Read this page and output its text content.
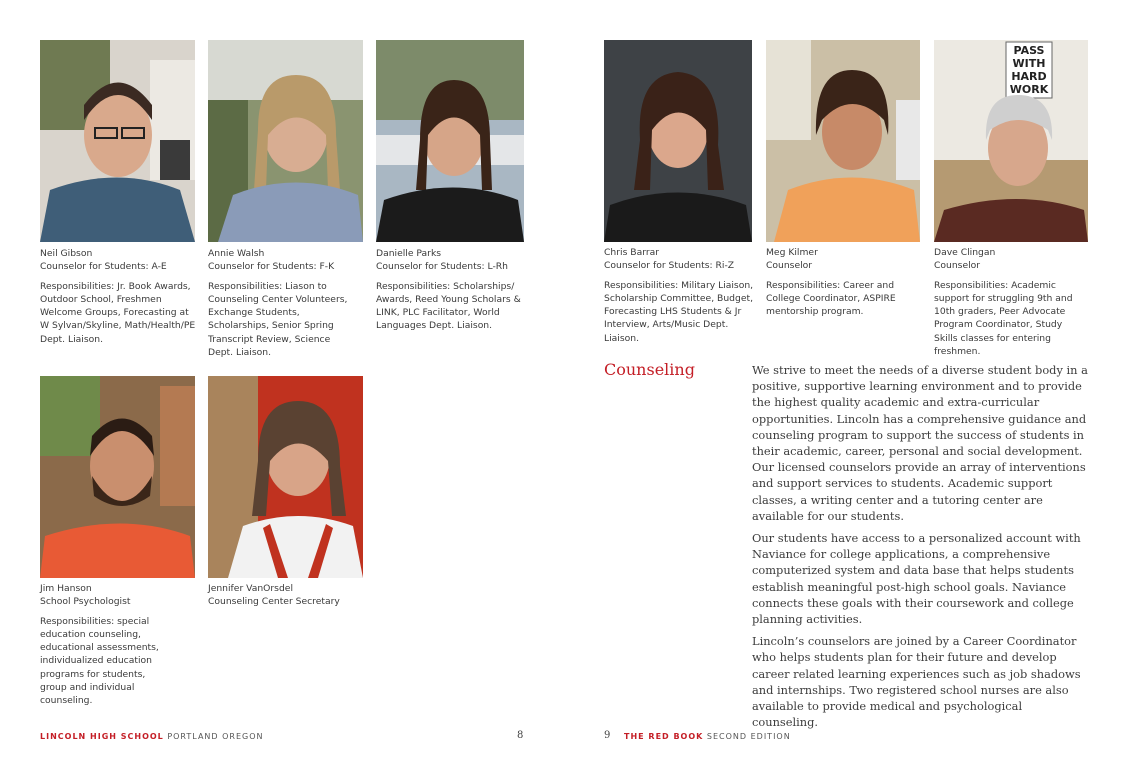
Neil Gibson
Counselor for Students: A-E
Responsibilities: Jr. Book Awards, Outdoor School, Freshmen Welcome Groups, Forecasting at W Sylvan/Skyline, Math/Health/PE Dept. Liaison.
Annie Walsh
Counselor for Students: F-K
Responsibilities: Liason to Counseling Center Volunteers, Exchange Students, Scholarships, Senior Spring Transcript Review, Science Dept. Liaison.
Danielle Parks
Counselor for Students: L-Rh
Responsibilities: Scholarships/ Awards, Reed Young Scholars & LINK, PLC Facilitator, World Languages Dept. Liaison.
Jim Hanson
School Psychologist
Responsibilities: special education counseling, educational assessments, individualized education programs for students, group and individual counseling.
Jennifer VanOrsdel
Counseling Center Secretary
PASS
WITH
HARD
WORK
Chris Barrar
Counselor for Students: Ri-Z
Responsibilities: Military Liaison, Scholarship Committee, Budget, Forecasting LHS Students & Jr Interview, Arts/Music Dept. Liaison.
Meg Kilmer
Counselor
Responsibilities: Career and College Coordinator, ASPIRE mentorship program.
Dave Clingan
Counselor
Responsibilities: Academic support for struggling 9th and 10th graders, Peer Advocate Program Coordinator, Study Skills classes for entering freshmen.
Counseling	We strive to meet the needs of a diverse student body in a positive, supportive learning environment and to provide the highest quality academic and extra-curricular opportunities. Lincoln has a comprehensive guidance and counseling program to support the success of students in their academic, career, personal and social development. Our licensed counselors provide an array of interventions and support services to students. Academic support classes, a writing center and a tutoring center are available for our students.

Our students have access to a personalized account with Naviance for college applications, a comprehensive computerized system and data base that helps students establish meaningful post-high school goals. Naviance connects these goals with their coursework and college planning activities.

Lincoln’s counselors are joined by a Career Coordinator who helps students plan for their future and develop career related learning experiences such as job shadows and internships. Two registered school nurses are also available to provide medical and psychological counseling.

LINCOLN HIGH SCHOOL PORTLAND OREGON	8	9 THE RED BOOK SECOND EDITION
